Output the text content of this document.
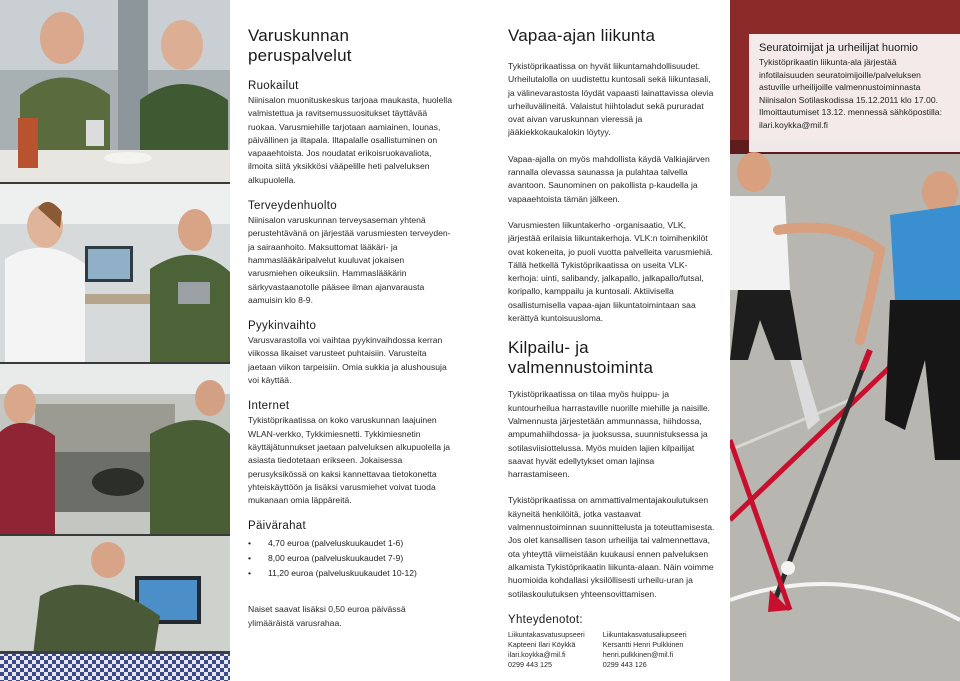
Varuskunnan peruspalvelut
Ruokailut

Niinisalon muonituskeskus tarjoaa maukasta, huolella valmistettua ja ravitsemussuositukset täyttävää ruokaa. Varusmiehille tarjotaan aamiainen, lounas, päivällinen ja iltapala. Iltapalalle osallistuminen on vapaaehtoista. Jos noudatat erikoisruokavaliota, ilmoita siitä yksikkösi vääpelille heti palveluksen alkupuolella.

Terveydenhuolto

Niinisalon varuskunnan terveysaseman yhtenä perustehtävänä on järjestää varusmiesten terveyden- ja sairaanhoito. Maksuttomat lääkäri- ja hammaslääkäripalvelut kuuluvat jokaisen varusmiehen oikeuksiin. Hammaslääkärin särkyvastaanotolle pääsee ilman ajanvarausta aamuisin klo 8-9.

Pyykinvaihto

Varusvarastolla voi vaihtaa pyykinvaihdossa kerran viikossa likaiset varusteet puhtaisiin. Varusteita jaetaan viikon tarpeisiin. Omia sukkia ja alushousuja voi käyttää.

Internet

Tykistöprikaatissa on koko varuskunnan laajuinen WLAN-verkko, Tykkimiesnetti. Tykkimiesnetin käyttäjätunnukset jaetaan palveluksen alkupuolella ja asiasta tiedotetaan erikseen. Jokaisessa perusyksikössä on kaksi kannettavaa tietokonetta yhteiskäyttöön ja lisäksi varusmiehet voivat tuoda mukanaan omia läppäreitä.

Päivärahat
• 4,70 euroa (palveluskuukaudet 1-6)
• 8,00 euroa (palveluskuukaudet 7-9)
• 11,20 euroa (palveluskuukaudet 10-12)

Naiset saavat lisäksi 0,50 euroa päivässä ylimääräistä varusrahaa.

Vapaa-ajan liikunta

Tykistöprikaatissa on hyvät liikuntamahdollisuudet. Urheilutalolla on uudistettu kuntosali sekä liikuntasali, ja välinevarastosta löydät vapaasti lainattavissa olevia urheiluvälineitä. Valaistut hiihtoladut sekä pururadat ovat aivan varuskunnan vieressä ja jääkiekkokaukalokin löytyy.

Vapaa-ajalla on myös mahdollista käydä Valkiajärven rannalla olevassa saunassa ja pulahtaa talvella avantoon. Saunominen on pakollista p-kaudella ja vapaaehtoista tämän jälkeen.

Varusmiesten liikuntakerho -organisaatio, VLK, järjestää erilaisia liikuntakerhoja. VLK:n toimihenkilöt ovat kokeneita, jo puoli vuotta palvelleita varusmiehiä. Tällä hetkellä Tykistöprikaatissa on useita VLK-kerhoja: uinti, salibandy, jalkapallo, jalkapallo/futsal, koripallo, kamppailu ja kuntosali. Aktiivisella osallistumisella vapaa-ajan liikuntatoimintaan saa kerättyä kuntoisuusloma.

Kilpailu- ja valmennustoiminta

Tykistöprikaatissa on tilaa myös huippu- ja kuntourheilua harrastaville nuorille miehille ja naisille. Valmennusta järjestetään ammunnassa, hiihdossa, ampumahiihdossa- ja juoksussa, suunnistuksessa ja sotilasviisiottelussa. Myös muiden lajien kilpailijat saavat hyvät edellytykset oman lajinsa harrastamiseen.

Tykistöprikaatissa on ammattivalmentajakoulutuksen käyneitä henkilöitä, jotka vastaavat valmennustoiminnan suunnittelusta ja toteuttamisesta. Jos olet kansallisen tason urheilija tai valmennettava, ota yhteyttä viimeistään kuukausi ennen palveluksen alkamista Tykistöprikaatin liikunta-alaan. Näin voimme huomioida kohdallasi yksilöllisesti urheilu-uran ja sotilaskoulutuksen yhteensovittamisen.

Yhteydenotot:

Liikuntakasvatusupseeri

Kapteeni Ilari Köykkä

ilari.koykka@mil.fi

0299 443 125

Liikuntakasvatusaliupseeri

Kersantti Henri Pulkkinen

henri.pulkkinen@mil.fi

0299 443 126

Seuratoimijat ja urheilijat huomio

Tykistöprikaatin liikunta-ala järjestää infotilaisuuden seuratoimijoille/palveluksen astuville urheilijoille valmennustoiminnasta Niinisalon Sotilaskodissa 15.12.2011 klo 17.00. Ilmoittautumiset 13.12. mennessä sähköpostilla: ilari.koykka@mil.fi
